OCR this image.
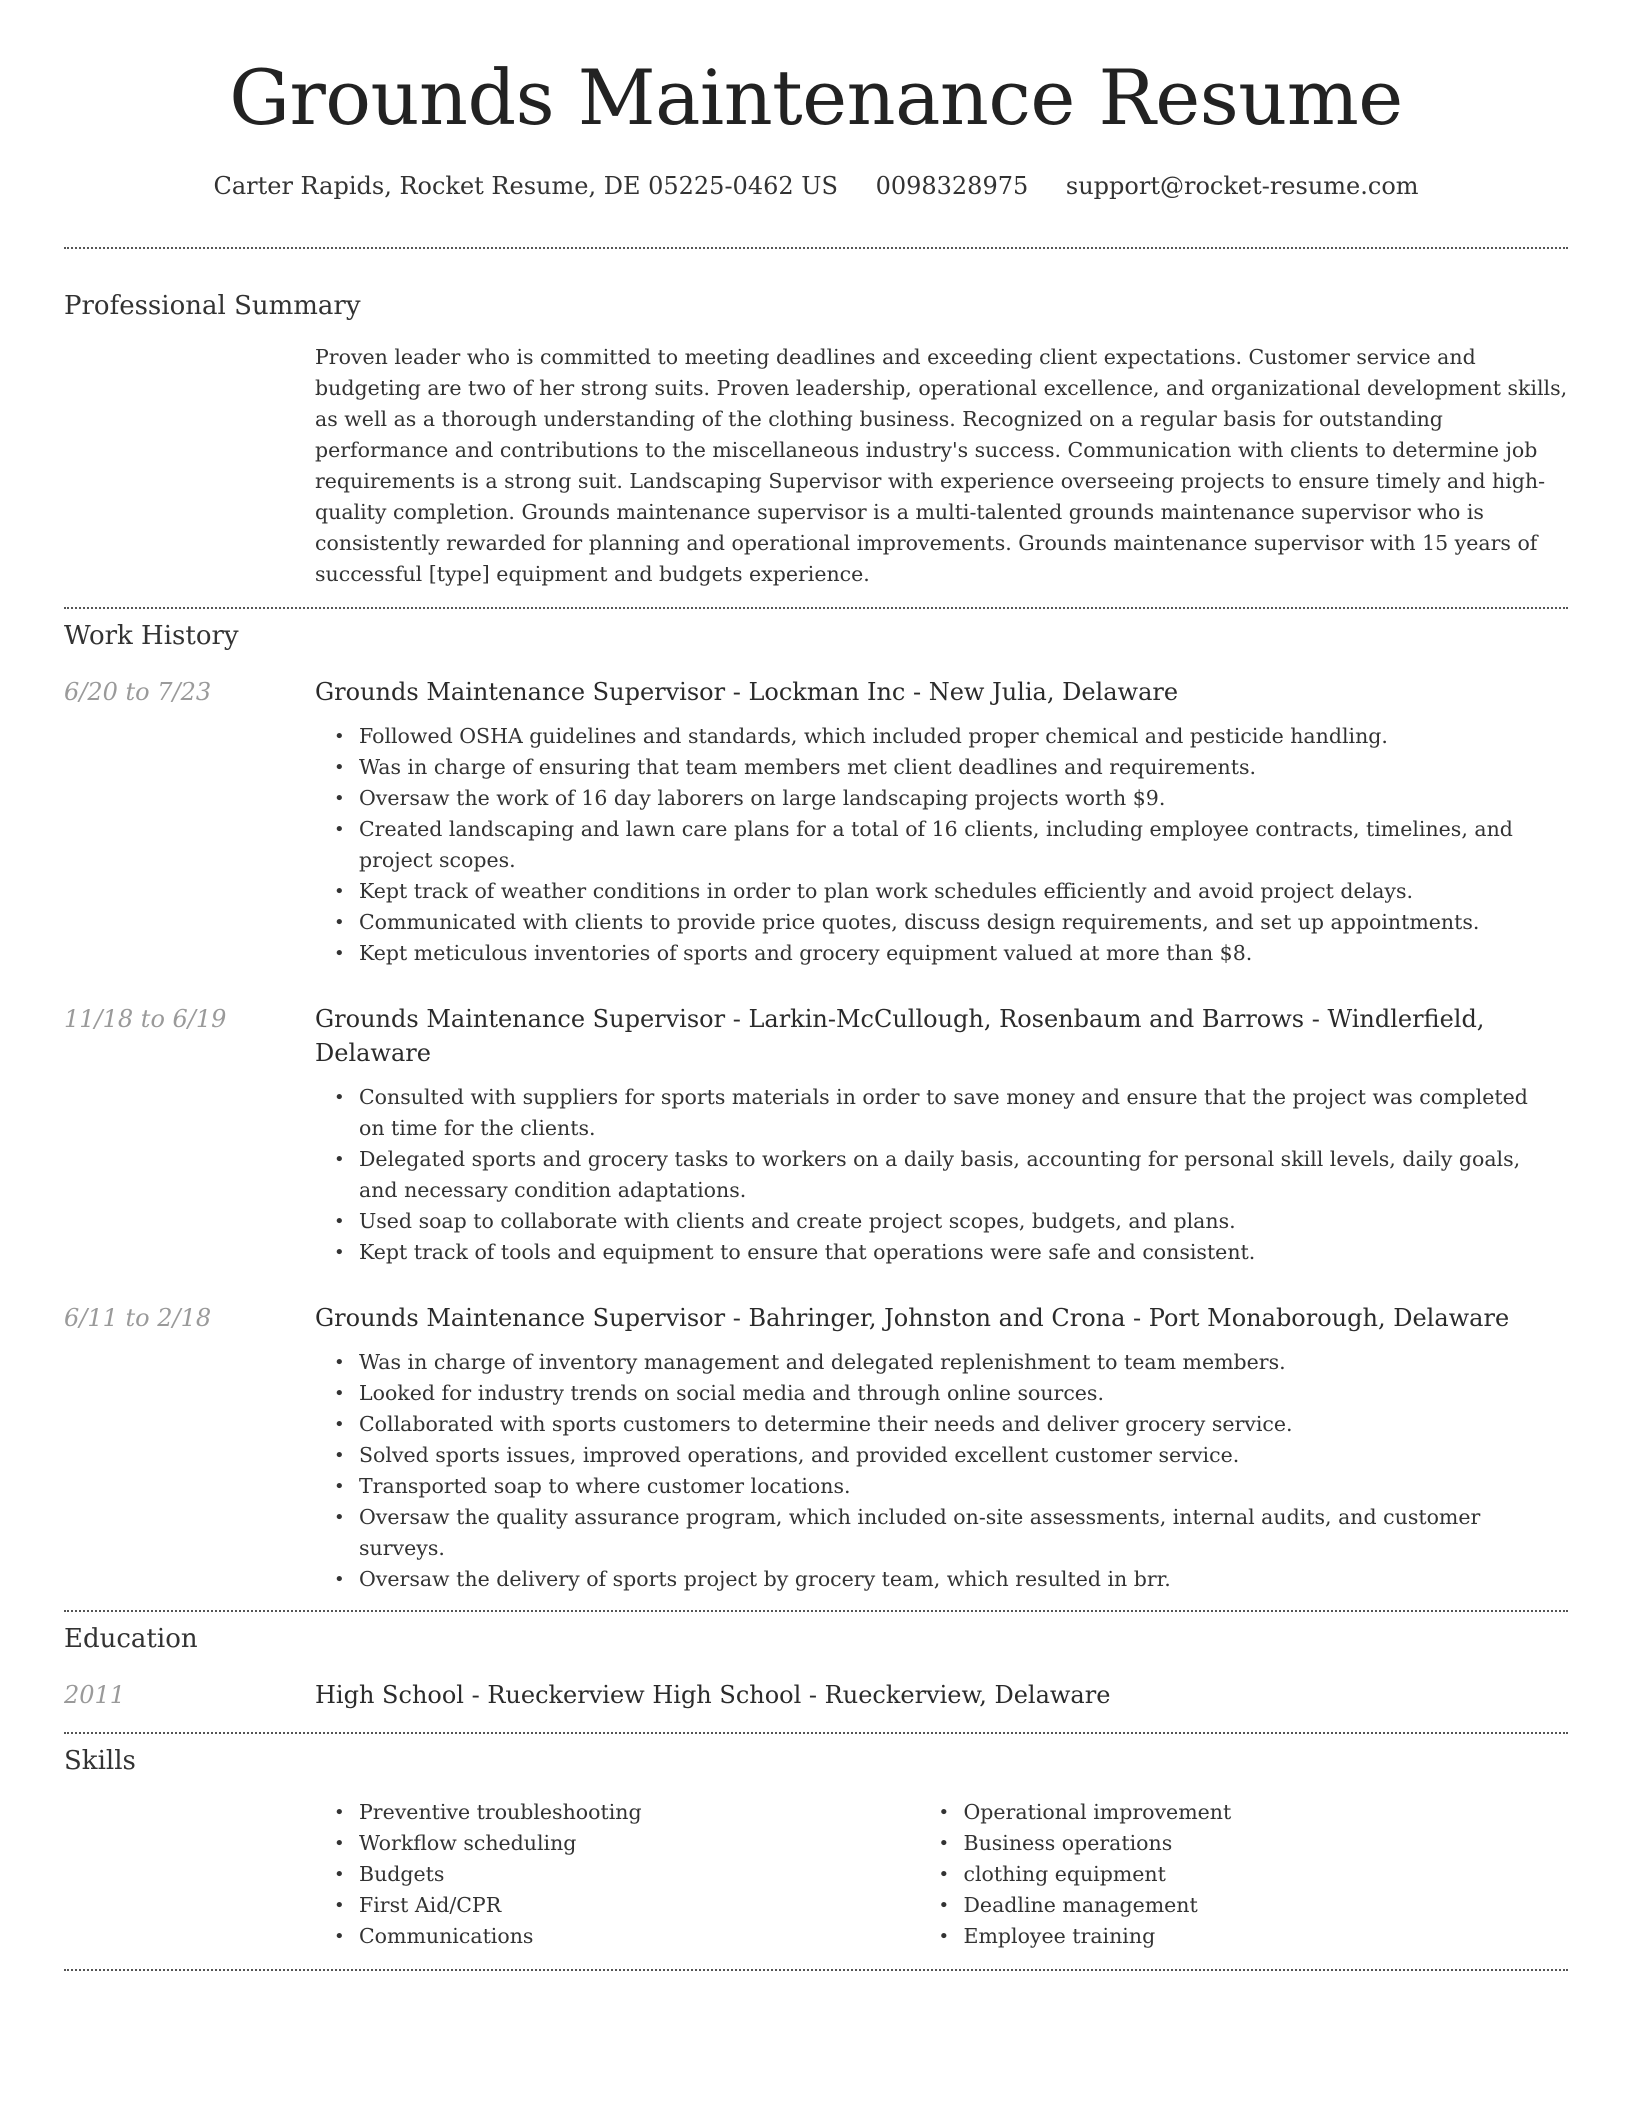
Grounds Maintenance Resume
Carter Rapids, Rocket Resume, DE 05225-0462 US 0098328975 support@rocket-resume.com
Professional Summary
Proven leader who is committed to meeting deadlines and exceeding client expectations. Customer service and budgeting are two of her strong suits. Proven leadership, operational excellence, and organizational development skills, as well as a thorough understanding of the clothing business. Recognized on a regular basis for outstanding performance and contributions to the miscellaneous industry's success. Communication with clients to determine job requirements is a strong suit. Landscaping Supervisor with experience overseeing projects to ensure timely and high-quality completion. Grounds maintenance supervisor is a multi-talented grounds maintenance supervisor who is consistently rewarded for planning and operational improvements. Grounds maintenance supervisor with 15 years of successful [type] equipment and budgets experience.
Work History
6/20 to 7/23	Grounds Maintenance Supervisor - Lockman Inc - New Julia, Delaware
• Followed OSHA guidelines and standards, which included proper chemical and pesticide handling.
• Was in charge of ensuring that team members met client deadlines and requirements.
• Oversaw the work of 16 day laborers on large landscaping projects worth $9.
• Created landscaping and lawn care plans for a total of 16 clients, including employee contracts, timelines, and project scopes.
• Kept track of weather conditions in order to plan work schedules efficiently and avoid project delays.
• Communicated with clients to provide price quotes, discuss design requirements, and set up appointments.
• Kept meticulous inventories of sports and grocery equipment valued at more than $8.
11/18 to 6/19	Grounds Maintenance Supervisor - Larkin-McCullough, Rosenbaum and Barrows - Windlerfield, Delaware
• Consulted with suppliers for sports materials in order to save money and ensure that the project was completed on time for the clients.
• Delegated sports and grocery tasks to workers on a daily basis, accounting for personal skill levels, daily goals, and necessary condition adaptations.
• Used soap to collaborate with clients and create project scopes, budgets, and plans.
• Kept track of tools and equipment to ensure that operations were safe and consistent.
6/11 to 2/18	Grounds Maintenance Supervisor - Bahringer, Johnston and Crona - Port Monaborough, Delaware
• Was in charge of inventory management and delegated replenishment to team members.
• Looked for industry trends on social media and through online sources.
• Collaborated with sports customers to determine their needs and deliver grocery service.
• Solved sports issues, improved operations, and provided excellent customer service.
• Transported soap to where customer locations.
• Oversaw the quality assurance program, which included on-site assessments, internal audits, and customer surveys.
• Oversaw the delivery of sports project by grocery team, which resulted in brr.
Education
2011	High School - Rueckerview High School - Rueckerview, Delaware
Skills
• Preventive troubleshooting
• Workflow scheduling
• Budgets
• First Aid/CPR
• Communications
• Operational improvement
• Business operations
• clothing equipment
• Deadline management
• Employee training
